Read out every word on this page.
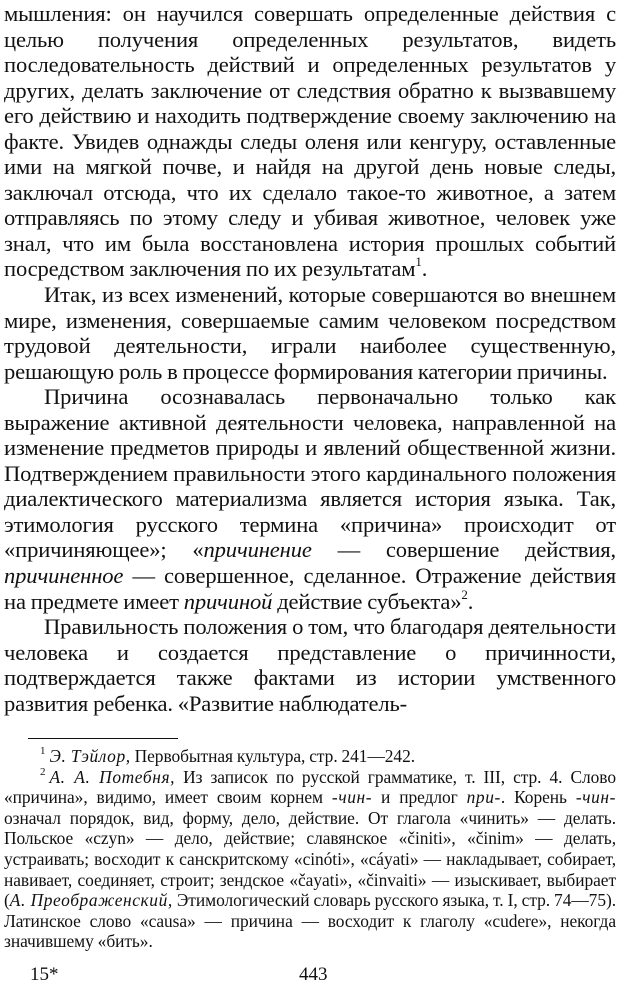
мышления: он научился совершать определенные действия с целью получения определенных результатов, видеть последовательность действий и определенных результатов у других, делать заключение от следствия обратно к вызвавшему его действию и находить подтверждение своему заключению на факте. Увидев однажды следы оленя или кенгуру, оставленные ими на мягкой почве, и найдя на другой день новые следы, заключал отсюда, что их сделало такое-то животное, а затем отправляясь по этому следу и убивая животное, человек уже знал, что им была восстановлена история прошлых событий посредством заключения по их результатам$^1$.

Итак, из всех изменений, которые совершаются во внешнем мире, изменения, совершаемые самим человеком посредством трудовой деятельности, играли наиболее существенную, решающую роль в процессе формирования категории причины.

Причина осознавалась первоначально только как выражение активной деятельности человека, направленной на изменение предметов природы и явлений общественной жизни. Подтверждением правильности этого кардинального положения диалектического материализма является история языка. Так, этимология русского термина «причина» происходит от «причиняющее»; «причинение — совершение действия, причиненное — совершенное, сделанное. Отражение действия на предмете имеет причиной действие субъекта»$^2$.

Правильность положения о том, что благодаря деятельности человека и создается представление о причинности, подтверждается также фактами из истории умственного развития ребенка. «Развитие наблюдатель-

$^1$ Э. Тэйлор, Первобытная культура, стр. 241—242.

$^2$ А. А. Потебня, Из записок по русской грамматике, т. III, стр. 4. Слово «причина», видимо, имеет своим корнем -чин- и предлог при-. Корень -чин- означал порядок, вид, форму, дело, действие. От глагола «чинить» — делать. Польское «czyn» — дело, действие; славянское «činiti», «činim» — делать, устраивать; восходит к санскритскому «cinóti», «cáyati» — накладывает, собирает, навивает, соединяет, строит; зендское «čayati», «činvaiti» — изыскивает, выбирает (А. Преображенский, Этимологический словарь русского языка, т. I, стр. 74—75). Латинское слово «causa» — причина — восходит к глаголу «cudere», некогда значившему «бить».

15*	443
